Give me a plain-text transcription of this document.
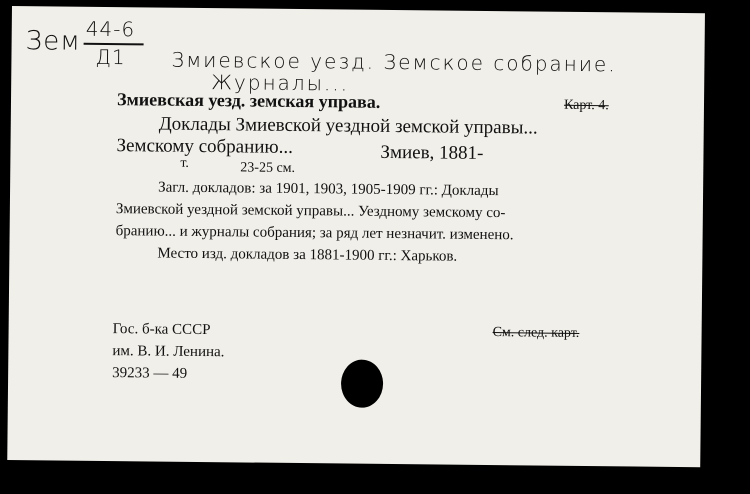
Зем 44-6
Д1 Змиевское уезд. Земское собрание.
Журналы...
Змиевская уезд. земская управа.	Карт. 4.
Доклады Змиевской уездной земской управы...
Земскому собранию...	Змиев, 1881-
т.	23-25 см.
Загл. докладов: за 1901, 1903, 1905-1909 гг.: Доклады
Змиевской уездной земской управы... Уездному земскому со-
бранию... и журналы собрания; за ряд лет незначит. изменено.
Место изд. докладов за 1881-1900 гг.: Харьков.
Гос. б-ка СССР
им. В. И. Ленина.
39233 — 49
См. след. карт.
